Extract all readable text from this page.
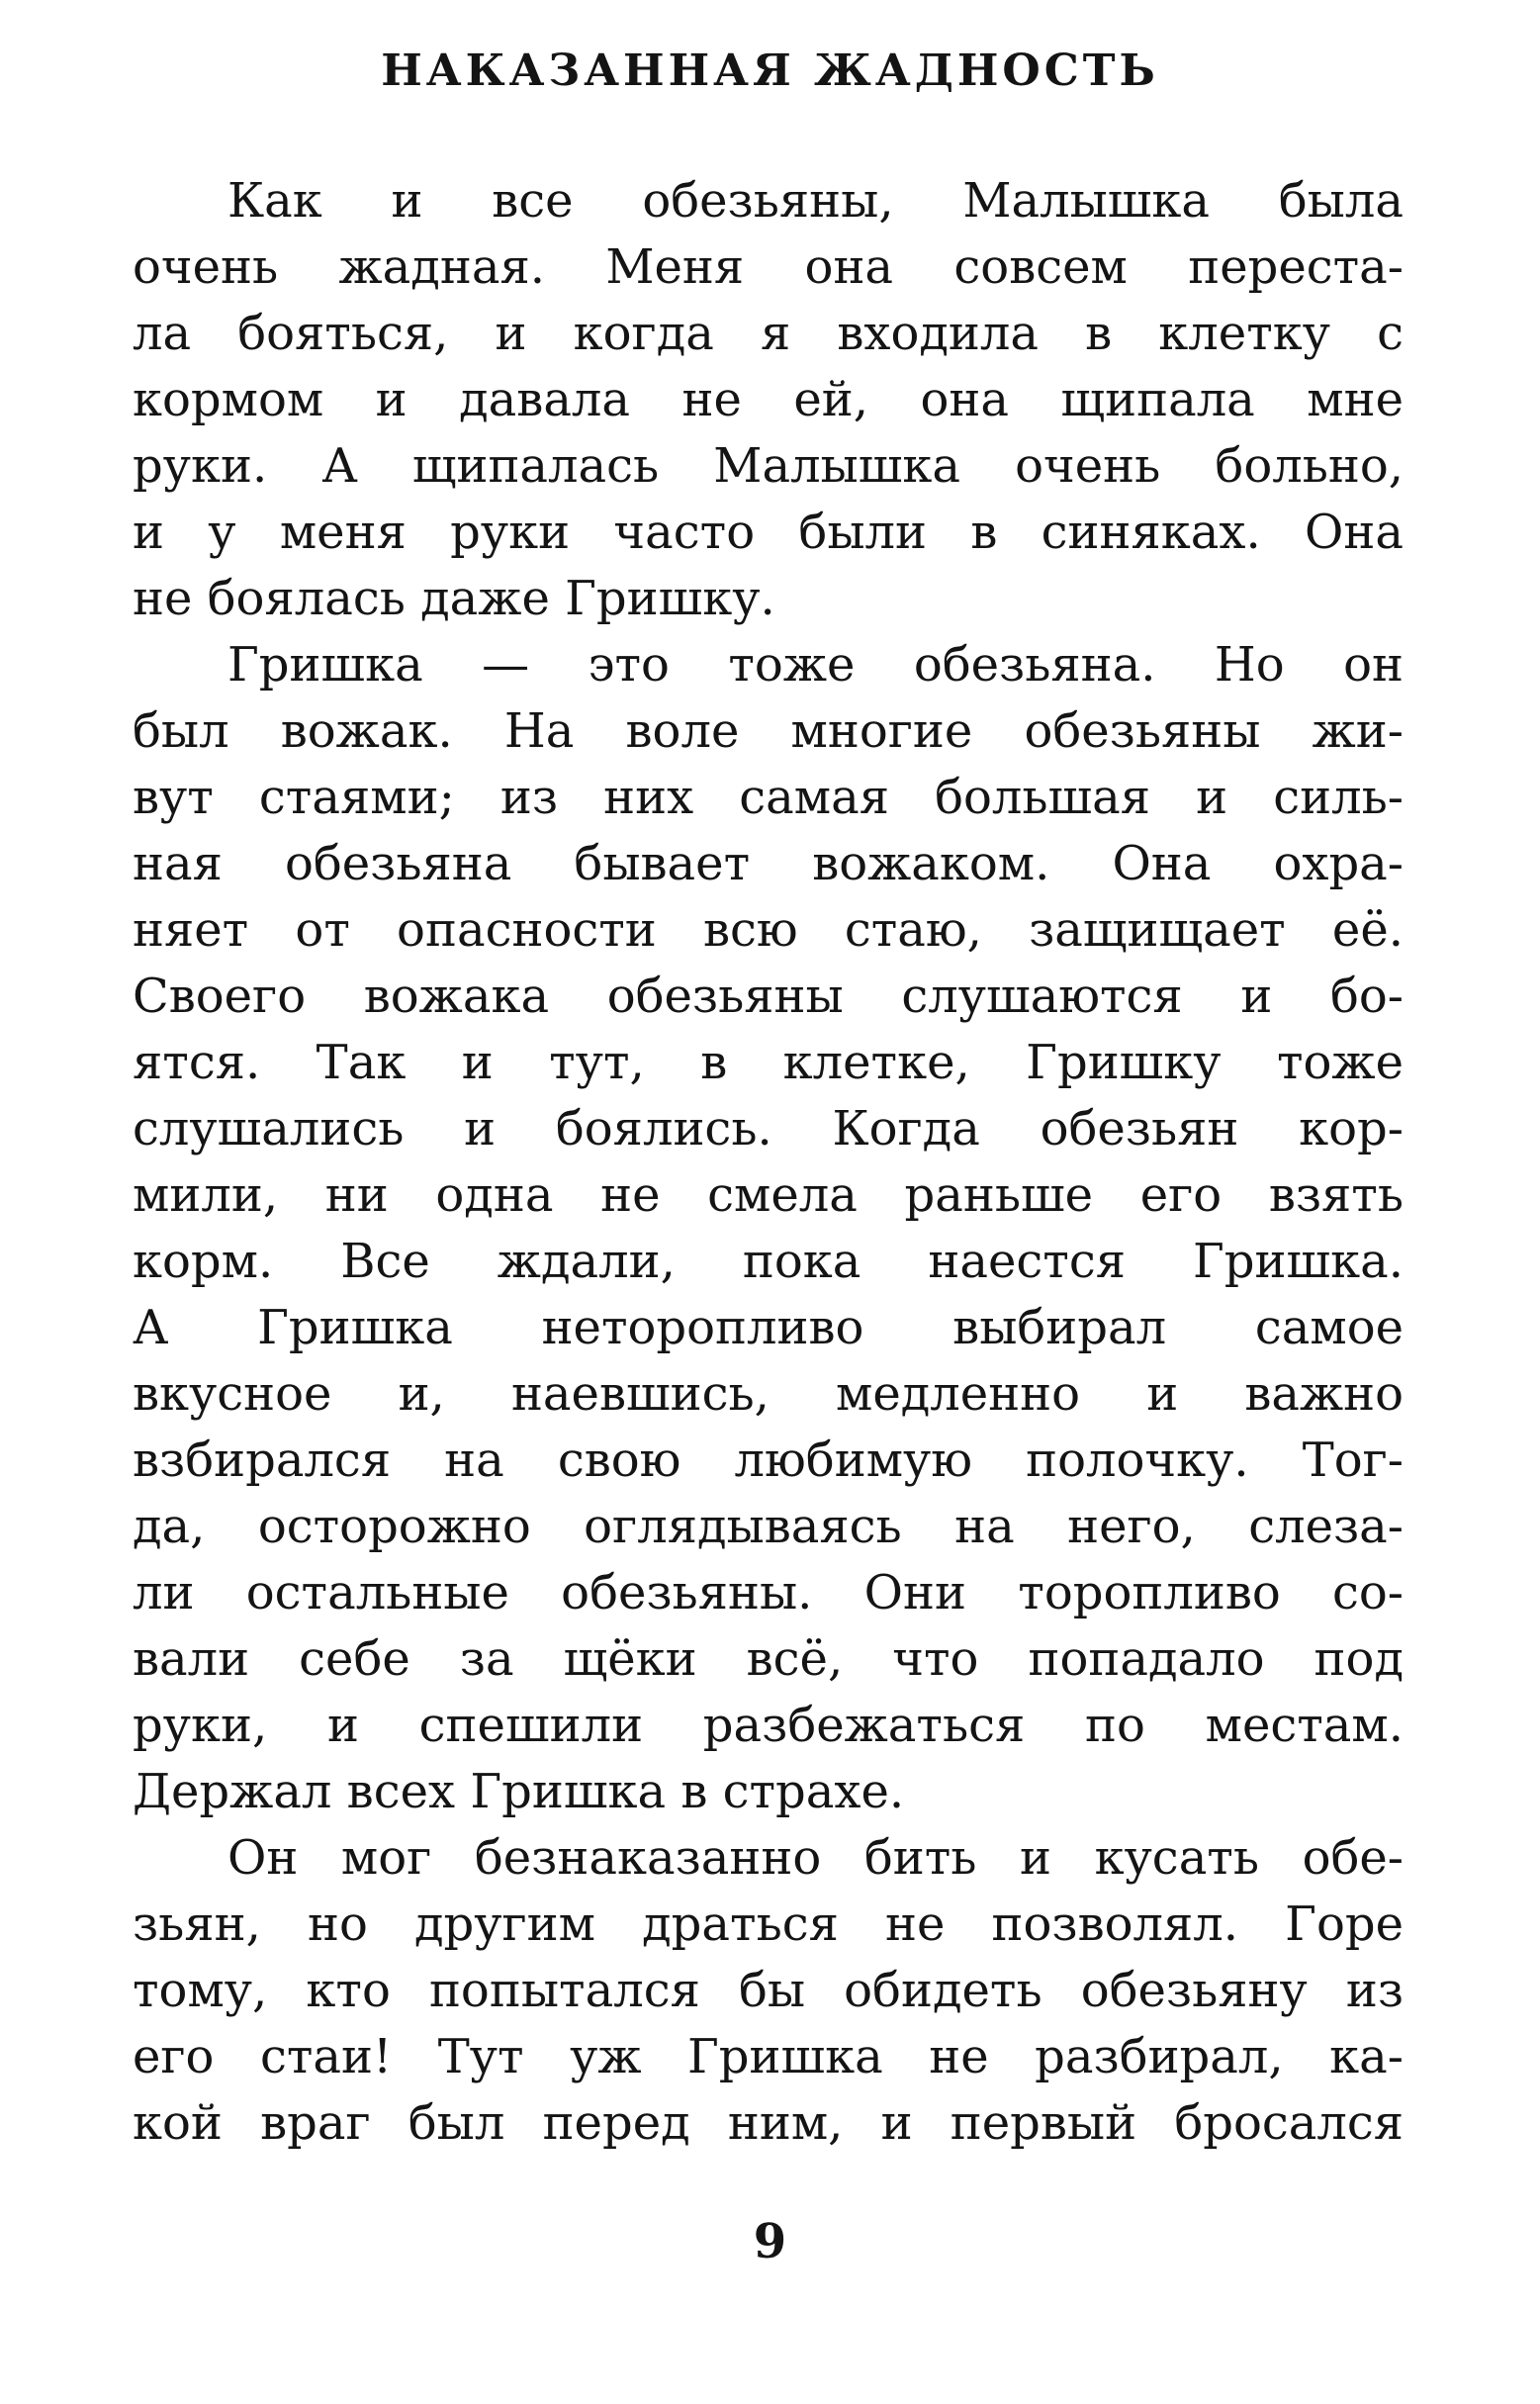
НАКАЗАННАЯ ЖАДНОСТЬ
Как и все обезьяны, Малышка была
очень жадная. Меня она совсем переста-
ла бояться, и когда я входила в клетку с
кормом и давала не ей, она щипала мне
руки. А щипалась Малышка очень больно,
и у меня руки часто были в синяках. Она
не боялась даже Гришку.
Гришка — это тоже обезьяна. Но он
был вожак. На воле многие обезьяны жи-
вут стаями; из них самая большая и силь-
ная обезьяна бывает вожаком. Она охра-
няет от опасности всю стаю, защищает её.
Своего вожака обезьяны слушаются и бо-
ятся. Так и тут, в клетке, Гришку тоже
слушались и боялись. Когда обезьян кор-
мили, ни одна не смела раньше его взять
корм. Все ждали, пока наестся Гришка.
А Гришка неторопливо выбирал самое
вкусное и, наевшись, медленно и важно
взбирался на свою любимую полочку. Тог-
да, осторожно оглядываясь на него, слеза-
ли остальные обезьяны. Они торопливо со-
вали себе за щёки всё, что попадало под
руки, и спешили разбежаться по местам.
Держал всех Гришка в страхе.
Он мог безнаказанно бить и кусать обе-
зьян, но другим драться не позволял. Горе
тому, кто попытался бы обидеть обезьяну из
его стаи! Тут уж Гришка не разбирал, ка-
кой враг был перед ним, и первый бросался
9
